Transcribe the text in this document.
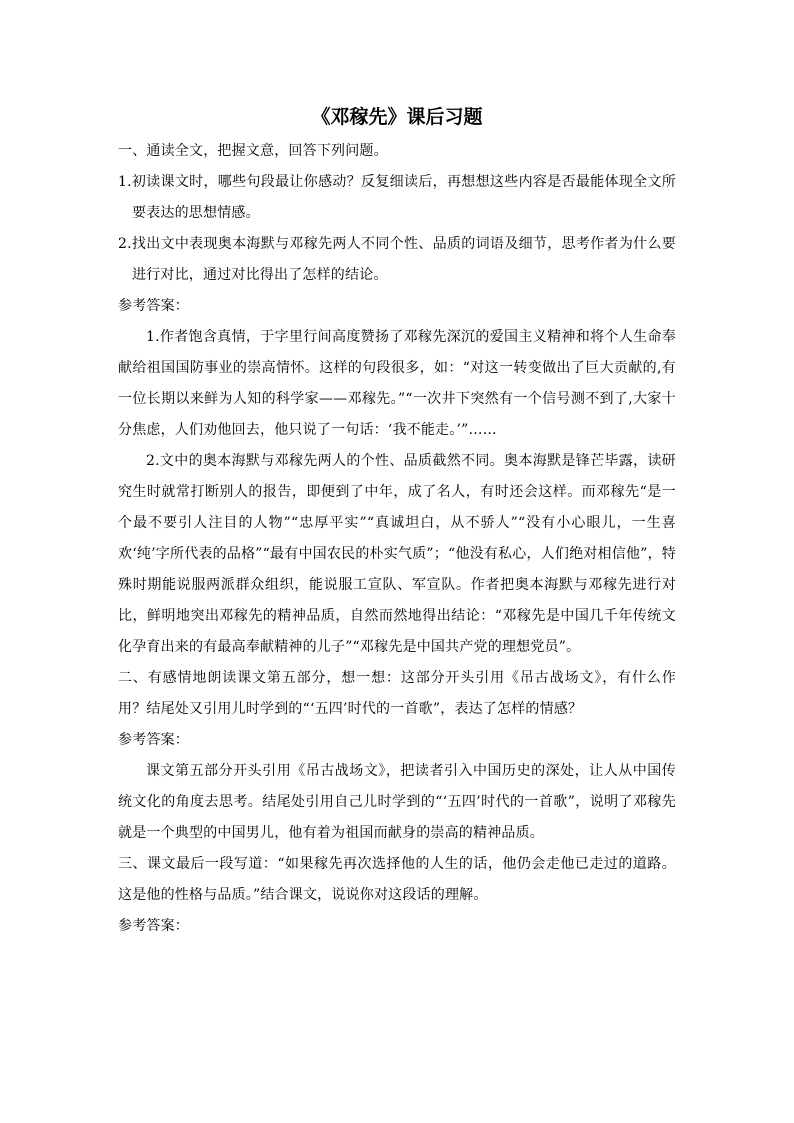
《邓稼先》课后习题

一、通读全文，把握文意，回答下列问题。

1.初读课文时，哪些句段最让你感动？反复细读后，再想想这些内容是否最能体现全文所要表达的思想情感。

2.找出文中表现奥本海默与邓稼先两人不同个性、品质的词语及细节，思考作者为什么要进行对比，通过对比得出了怎样的结论。

参考答案：

1.作者饱含真情，于字里行间高度赞扬了邓稼先深沉的爱国主义精神和将个人生命奉献给祖国国防事业的崇高情怀。这样的句段很多，如：“对这一转变做出了巨大贡献的,有一位长期以来鲜为人知的科学家——邓稼先。”“一次井下突然有一个信号测不到了,大家十分焦虑，人们劝他回去，他只说了一句话：‘我不能走。’”……

2.文中的奥本海默与邓稼先两人的个性、品质截然不同。奥本海默是锋芒毕露，读研究生时就常打断别人的报告，即便到了中年，成了名人，有时还会这样。而邓稼先“是一个最不要引人注目的人物”“忠厚平实”“真诚坦白，从不骄人”“没有小心眼儿，一生喜欢‘纯’字所代表的品格”“最有中国农民的朴实气质”；“他没有私心，人们绝对相信他”，特殊时期能说服两派群众组织，能说服工宣队、军宣队。作者把奥本海默与邓稼先进行对比，鲜明地突出邓稼先的精神品质，自然而然地得出结论：“邓稼先是中国几千年传统文化孕育出来的有最高奉献精神的儿子”“邓稼先是中国共产党的理想党员”。

二、有感情地朗读课文第五部分，想一想：这部分开头引用《吊古战场文》，有什么作用？结尾处又引用儿时学到的“‘五四’时代的一首歌”，表达了怎样的情感？

参考答案：

课文第五部分开头引用《吊古战场文》，把读者引入中国历史的深处，让人从中国传统文化的角度去思考。结尾处引用自己儿时学到的“‘五四’时代的一首歌”，说明了邓稼先就是一个典型的中国男儿，他有着为祖国而献身的崇高的精神品质。

三、课文最后一段写道：“如果稼先再次选择他的人生的话，他仍会走他已走过的道路。这是他的性格与品质。”结合课文，说说你对这段话的理解。

参考答案：
